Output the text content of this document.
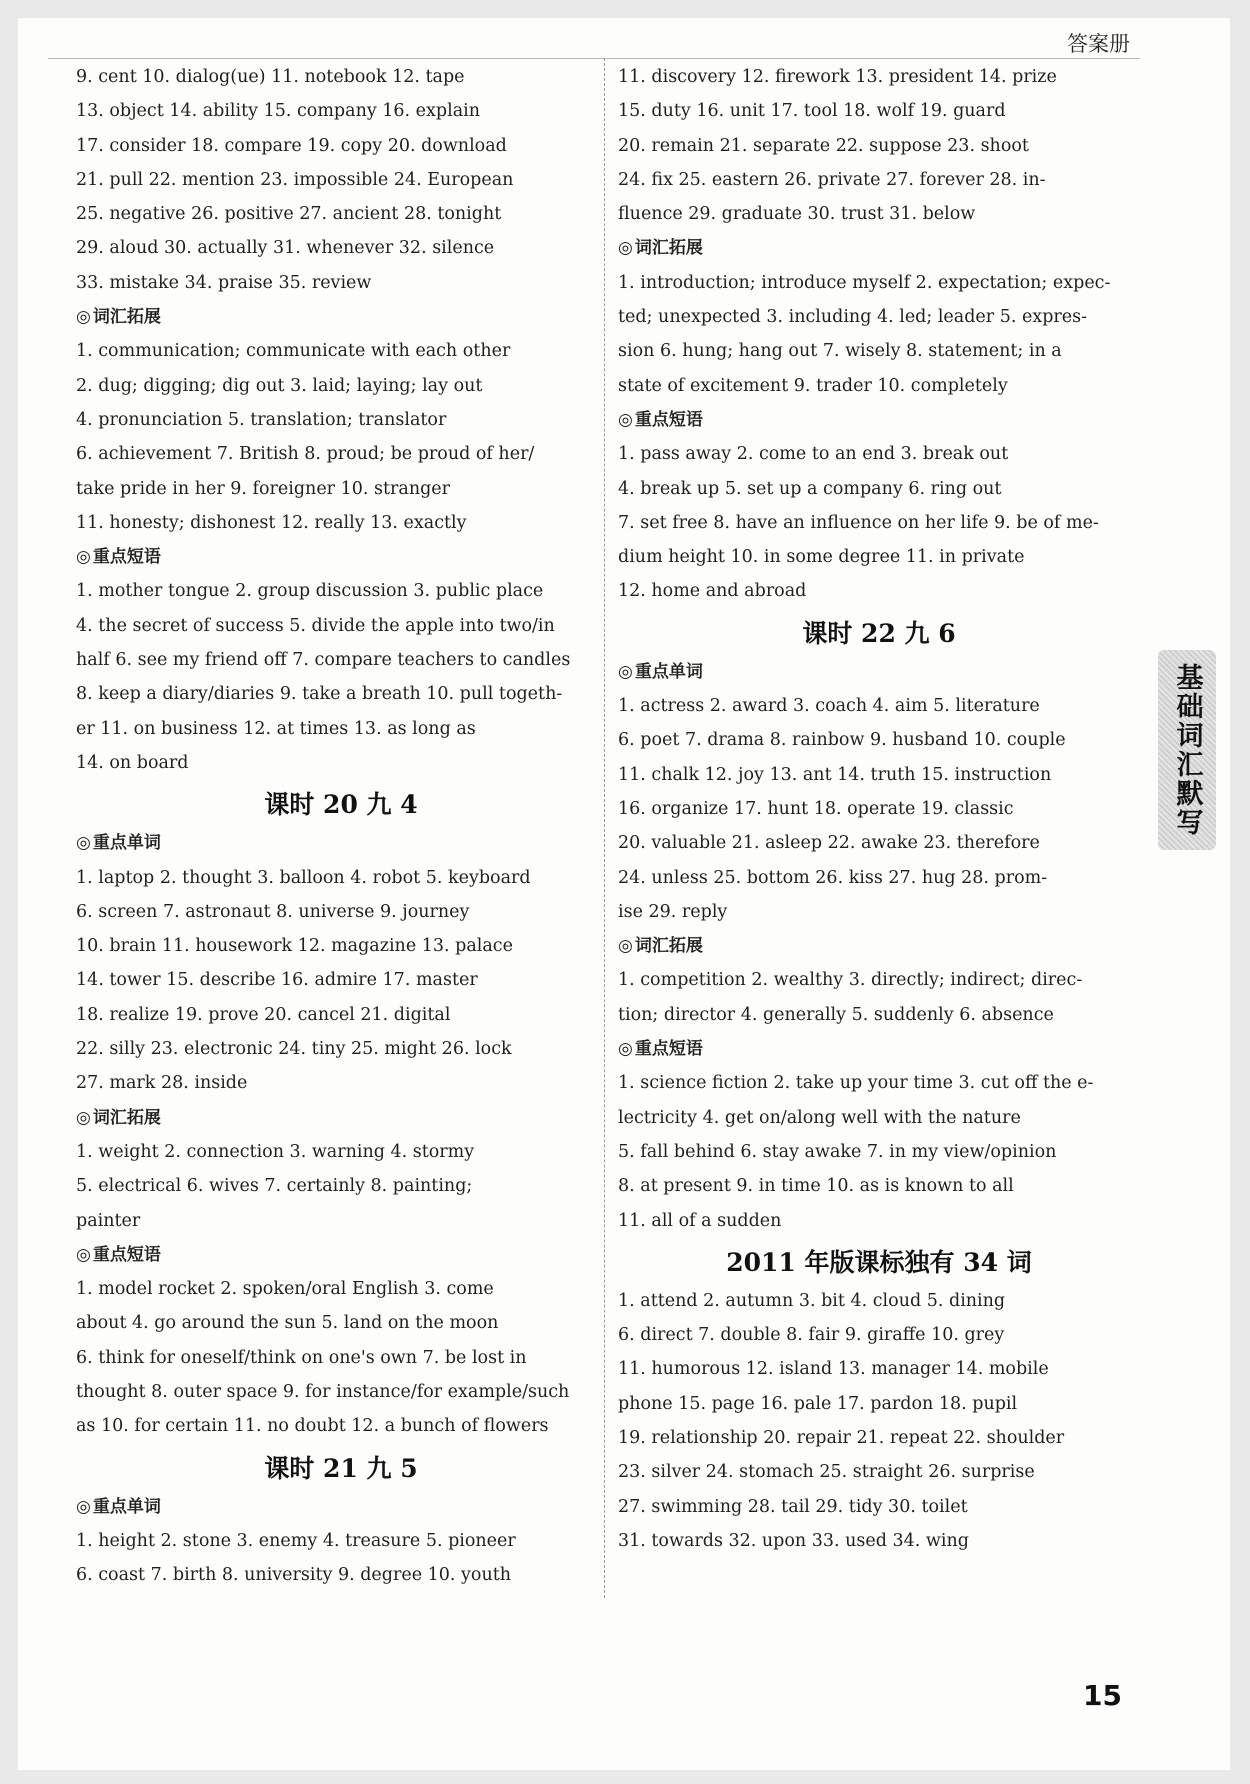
答案册
9. cent 10. dialog(ue) 11. notebook 12. tape
13. object 14. ability 15. company 16. explain
17. consider 18. compare 19. copy 20. download
21. pull 22. mention 23. impossible 24. European
25. negative 26. positive 27. ancient 28. tonight
29. aloud 30. actually 31. whenever 32. silence
33. mistake 34. praise 35. review
◎ 词汇拓展
1. communication; communicate with each other
2. dug; digging; dig out 3. laid; laying; lay out
4. pronunciation 5. translation; translator
6. achievement 7. British 8. proud; be proud of her/
take pride in her 9. foreigner 10. stranger
11. honesty; dishonest 12. really 13. exactly
◎ 重点短语
1. mother tongue 2. group discussion 3. public place
4. the secret of success 5. divide the apple into two/in
half 6. see my friend off 7. compare teachers to candles
8. keep a diary/diaries 9. take a breath 10. pull togeth-
er 11. on business 12. at times 13. as long as
14. on board
课时 20 九 4
◎ 重点单词
1. laptop 2. thought 3. balloon 4. robot 5. keyboard
6. screen 7. astronaut 8. universe 9. journey
10. brain 11. housework 12. magazine 13. palace
14. tower 15. describe 16. admire 17. master
18. realize 19. prove 20. cancel 21. digital
22. silly 23. electronic 24. tiny 25. might 26. lock
27. mark 28. inside
◎ 词汇拓展
1. weight 2. connection 3. warning 4. stormy
5. electrical 6. wives 7. certainly 8. painting;
painter
◎ 重点短语
1. model rocket 2. spoken/oral English 3. come
about 4. go around the sun 5. land on the moon
6. think for oneself/think on one's own 7. be lost in
thought 8. outer space 9. for instance/for example/such
as 10. for certain 11. no doubt 12. a bunch of flowers
课时 21 九 5
◎ 重点单词
1. height 2. stone 3. enemy 4. treasure 5. pioneer
6. coast 7. birth 8. university 9. degree 10. youth
11. discovery 12. firework 13. president 14. prize
15. duty 16. unit 17. tool 18. wolf 19. guard
20. remain 21. separate 22. suppose 23. shoot
24. fix 25. eastern 26. private 27. forever 28. in-
fluence 29. graduate 30. trust 31. below
◎ 词汇拓展
1. introduction; introduce myself 2. expectation; expec-
ted; unexpected 3. including 4. led; leader 5. expres-
sion 6. hung; hang out 7. wisely 8. statement; in a
state of excitement 9. trader 10. completely
◎ 重点短语
1. pass away 2. come to an end 3. break out
4. break up 5. set up a company 6. ring out
7. set free 8. have an influence on her life 9. be of me-
dium height 10. in some degree 11. in private
12. home and abroad
课时 22 九 6
◎ 重点单词
1. actress 2. award 3. coach 4. aim 5. literature
6. poet 7. drama 8. rainbow 9. husband 10. couple
11. chalk 12. joy 13. ant 14. truth 15. instruction
16. organize 17. hunt 18. operate 19. classic
20. valuable 21. asleep 22. awake 23. therefore
24. unless 25. bottom 26. kiss 27. hug 28. prom-
ise 29. reply
◎ 词汇拓展
1. competition 2. wealthy 3. directly; indirect; direc-
tion; director 4. generally 5. suddenly 6. absence
◎ 重点短语
1. science fiction 2. take up your time 3. cut off the e-
lectricity 4. get on/along well with the nature
5. fall behind 6. stay awake 7. in my view/opinion
8. at present 9. in time 10. as is known to all
11. all of a sudden
2011 年版课标独有 34 词
1. attend 2. autumn 3. bit 4. cloud 5. dining
6. direct 7. double 8. fair 9. giraffe 10. grey
11. humorous 12. island 13. manager 14. mobile
phone 15. page 16. pale 17. pardon 18. pupil
19. relationship 20. repair 21. repeat 22. shoulder
23. silver 24. stomach 25. straight 26. surprise
27. swimming 28. tail 29. tidy 30. toilet
31. towards 32. upon 33. used 34. wing
基础词汇默写
15
